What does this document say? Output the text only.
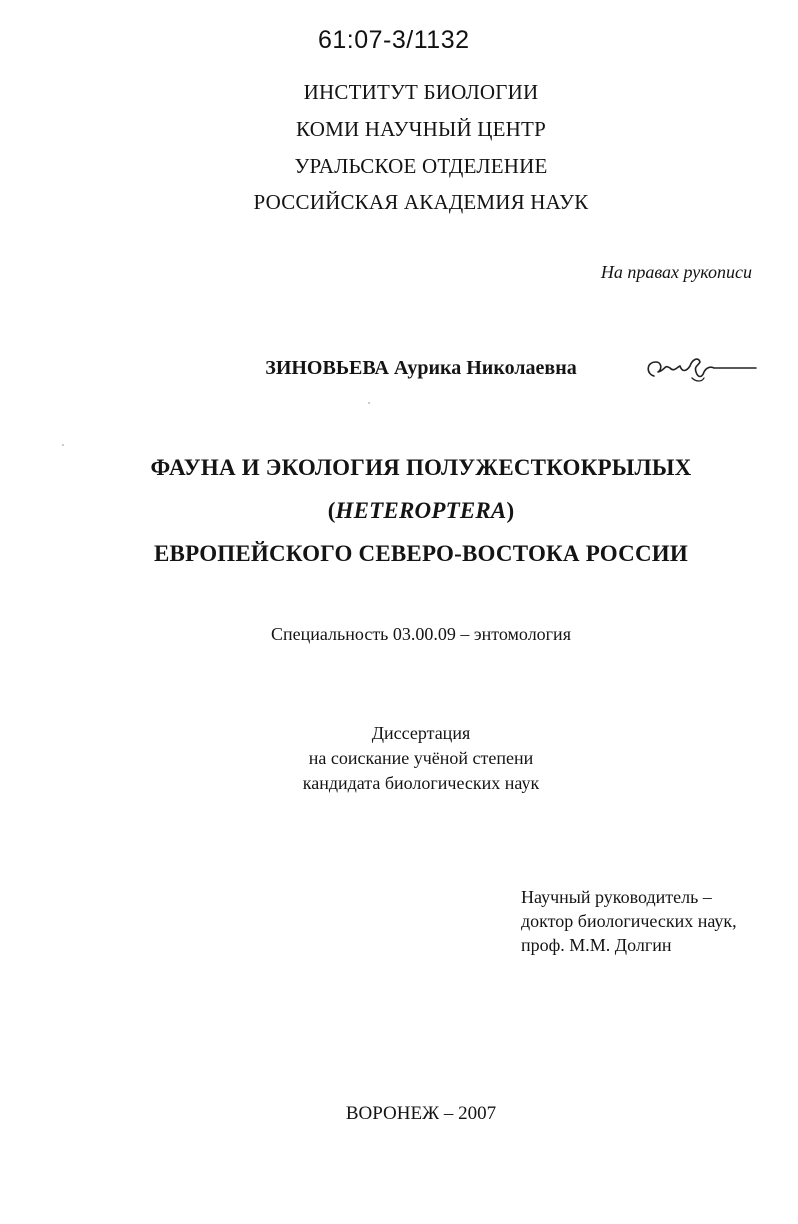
61:07-3/1132
ИНСТИТУТ БИОЛОГИИ
КОМИ НАУЧНЫЙ ЦЕНТР
УРАЛЬСКОЕ ОТДЕЛЕНИЕ
РОССИЙСКАЯ АКАДЕМИЯ НАУК
На правах рукописи
ЗИНОВЬЕВА Аурика Николаевна
ФАУНА И ЭКОЛОГИЯ ПОЛУЖЕСТКОКРЫЛЫХ
(HETEROPTERA)
ЕВРОПЕЙСКОГО СЕВЕРО-ВОСТОКА РОССИИ
Специальность 03.00.09 – энтомология
Диссертация
на соискание учёной степени
кандидата биологических наук
Научный руководитель –
доктор биологических наук,
проф. М.М. Долгин
ВОРОНЕЖ – 2007
